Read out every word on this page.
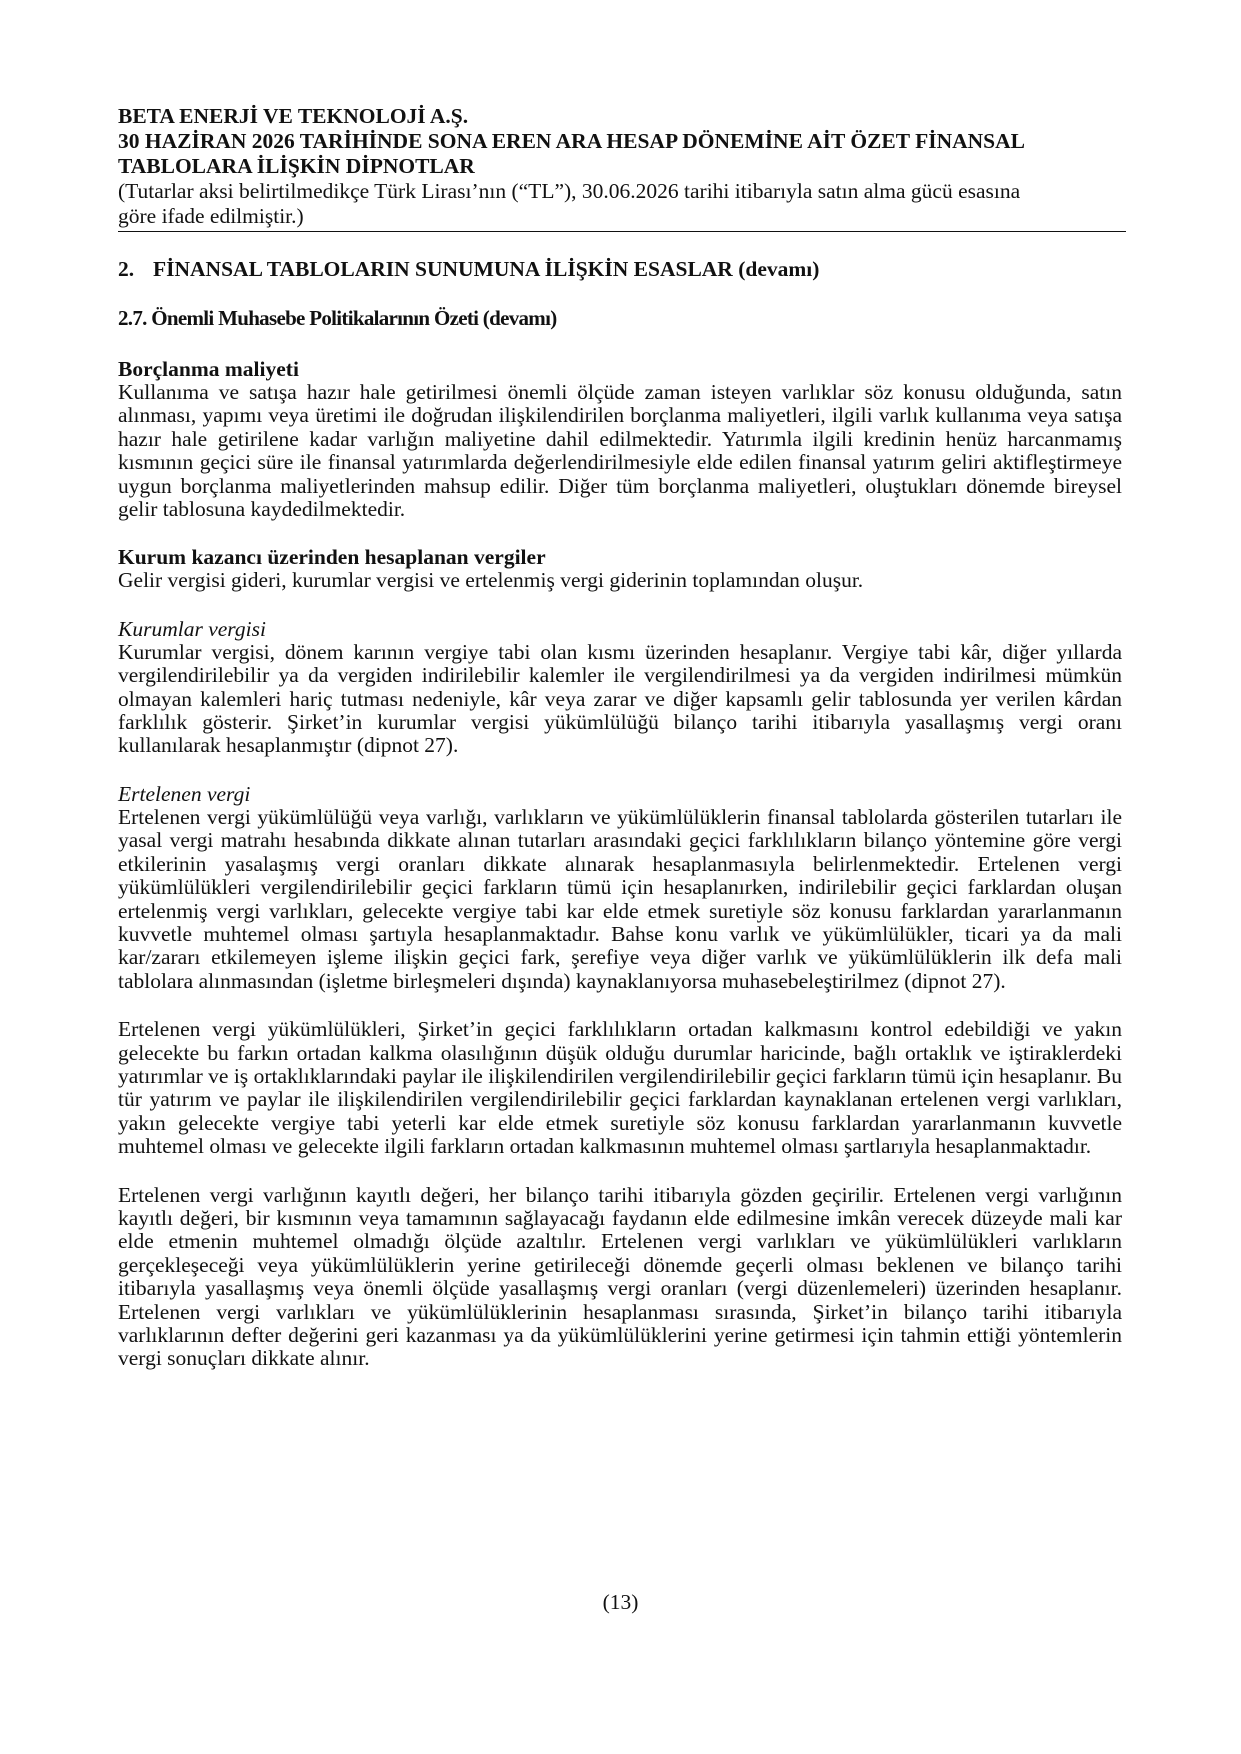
BETA ENERJİ VE TEKNOLOJİ A.Ş.
30 HAZİRAN 2026 TARİHİNDE SONA EREN ARA HESAP DÖNEMİNE AİT ÖZET FİNANSAL
TABLOLARA İLİŞKİN DİPNOTLAR
(Tutarlar aksi belirtilmedikçe Türk Lirası’nın (“TL”), 30.06.2026 tarihi itibarıyla satın alma gücü esasına
göre ifade edilmiştir.)
2. FİNANSAL TABLOLARIN SUNUMUNA İLİŞKİN ESASLAR (devamı)
2.7. Önemli Muhasebe Politikalarının Özeti (devamı)
Borçlanma maliyeti

Kullanıma ve satışa hazır hale getirilmesi önemli ölçüde zaman isteyen varlıklar söz konusu olduğunda, satın alınması, yapımı veya üretimi ile doğrudan ilişkilendirilen borçlanma maliyetleri, ilgili varlık kullanıma veya satışa hazır hale getirilene kadar varlığın maliyetine dahil edilmektedir. Yatırımla ilgili kredinin henüz harcanmamış kısmının geçici süre ile finansal yatırımlarda değerlendirilmesiyle elde edilen finansal yatırım geliri aktifleştirmeye uygun borçlanma maliyetlerinden mahsup edilir. Diğer tüm borçlanma maliyetleri, oluştukları dönemde bireysel gelir tablosuna kaydedilmektedir.

Kurum kazancı üzerinden hesaplanan vergiler

Gelir vergisi gideri, kurumlar vergisi ve ertelenmiş vergi giderinin toplamından oluşur.

Kurumlar vergisi

Kurumlar vergisi, dönem karının vergiye tabi olan kısmı üzerinden hesaplanır. Vergiye tabi kâr, diğer yıllarda vergilendirilebilir ya da vergiden indirilebilir kalemler ile vergilendirilmesi ya da vergiden indirilmesi mümkün olmayan kalemleri hariç tutması nedeniyle, kâr veya zarar ve diğer kapsamlı gelir tablosunda yer verilen kârdan farklılık gösterir. Şirket’in kurumlar vergisi yükümlülüğü bilanço tarihi itibarıyla yasallaşmış vergi oranı kullanılarak hesaplanmıştır (dipnot 27).

Ertelenen vergi

Ertelenen vergi yükümlülüğü veya varlığı, varlıkların ve yükümlülüklerin finansal tablolarda gösterilen tutarları ile yasal vergi matrahı hesabında dikkate alınan tutarları arasındaki geçici farklılıkların bilanço yöntemine göre vergi etkilerinin yasalaşmış vergi oranları dikkate alınarak hesaplanmasıyla belirlenmektedir. Ertelenen vergi yükümlülükleri vergilendirilebilir geçici farkların tümü için hesaplanırken, indirilebilir geçici farklardan oluşan ertelenmiş vergi varlıkları, gelecekte vergiye tabi kar elde etmek suretiyle söz konusu farklardan yararlanmanın kuvvetle muhtemel olması şartıyla hesaplanmaktadır. Bahse konu varlık ve yükümlülükler, ticari ya da mali kar/zararı etkilemeyen işleme ilişkin geçici fark, şerefiye veya diğer varlık ve yükümlülüklerin ilk defa mali tablolara alınmasından (işletme birleşmeleri dışında) kaynaklanıyorsa muhasebeleştirilmez (dipnot 27).

Ertelenen vergi yükümlülükleri, Şirket’in geçici farklılıkların ortadan kalkmasını kontrol edebildiği ve yakın gelecekte bu farkın ortadan kalkma olasılığının düşük olduğu durumlar haricinde, bağlı ortaklık ve iştiraklerdeki yatırımlar ve iş ortaklıklarındaki paylar ile ilişkilendirilen vergilendirilebilir geçici farkların tümü için hesaplanır. Bu tür yatırım ve paylar ile ilişkilendirilen vergilendirilebilir geçici farklardan kaynaklanan ertelenen vergi varlıkları, yakın gelecekte vergiye tabi yeterli kar elde etmek suretiyle söz konusu farklardan yararlanmanın kuvvetle muhtemel olması ve gelecekte ilgili farkların ortadan kalkmasının muhtemel olması şartlarıyla hesaplanmaktadır.

Ertelenen vergi varlığının kayıtlı değeri, her bilanço tarihi itibarıyla gözden geçirilir. Ertelenen vergi varlığının kayıtlı değeri, bir kısmının veya tamamının sağlayacağı faydanın elde edilmesine imkân verecek düzeyde mali kar elde etmenin muhtemel olmadığı ölçüde azaltılır. Ertelenen vergi varlıkları ve yükümlülükleri varlıkların gerçekleşeceği veya yükümlülüklerin yerine getirileceği dönemde geçerli olması beklenen ve bilanço tarihi itibarıyla yasallaşmış veya önemli ölçüde yasallaşmış vergi oranları (vergi düzenlemeleri) üzerinden hesaplanır. Ertelenen vergi varlıkları ve yükümlülüklerinin hesaplanması sırasında, Şirket’in bilanço tarihi itibarıyla varlıklarının defter değerini geri kazanması ya da yükümlülüklerini yerine getirmesi için tahmin ettiği yöntemlerin vergi sonuçları dikkate alınır.

(13)
